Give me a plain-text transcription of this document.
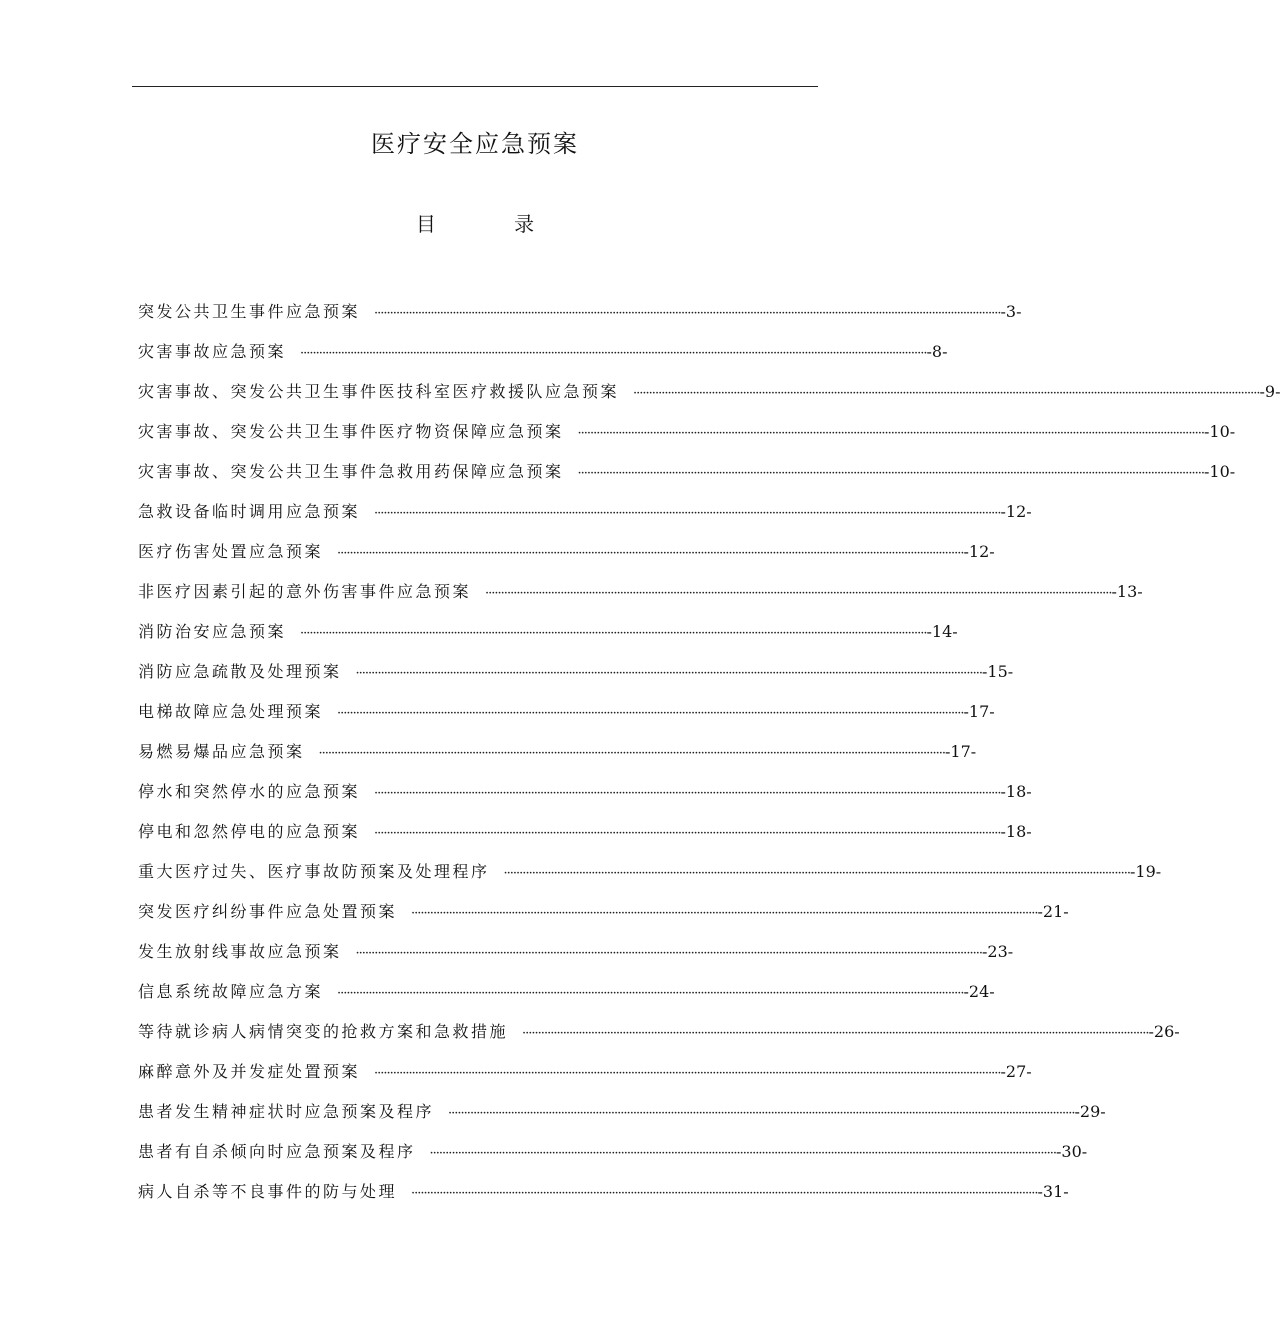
医疗安全应急预案
目 录
突发公共卫生事件应急预案 ········································································································································································································ -3-
灾害事故应急预案 ········································································································································································································ -8-
灾害事故、突发公共卫生事件医技科室医疗救援队应急预案 ········································································································································································································ -9-
灾害事故、突发公共卫生事件医疗物资保障应急预案 ········································································································································································································ -10-
灾害事故、突发公共卫生事件急救用药保障应急预案 ········································································································································································································ -10-
急救设备临时调用应急预案 ········································································································································································································ -12-
医疗伤害处置应急预案 ········································································································································································································ -12-
非医疗因素引起的意外伤害事件应急预案 ········································································································································································································ -13-
消防治安应急预案 ········································································································································································································ -14-
消防应急疏散及处理预案 ········································································································································································································ -15-
电梯故障应急处理预案 ········································································································································································································ -17-
易燃易爆品应急预案 ········································································································································································································ -17-
停水和突然停水的应急预案 ········································································································································································································ -18-
停电和忽然停电的应急预案 ········································································································································································································ -18-
重大医疗过失、医疗事故防预案及处理程序 ········································································································································································································ -19-
突发医疗纠纷事件应急处置预案 ········································································································································································································ -21-
发生放射线事故应急预案 ········································································································································································································ -23-
信息系统故障应急方案 ········································································································································································································ -24-
等待就诊病人病情突变的抢救方案和急救措施 ········································································································································································································ -26-
麻醉意外及并发症处置预案 ········································································································································································································ -27-
患者发生精神症状时应急预案及程序 ········································································································································································································ -29-
患者有自杀倾向时应急预案及程序 ········································································································································································································ -30-
病人自杀等不良事件的防与处理 ········································································································································································································ -31-
